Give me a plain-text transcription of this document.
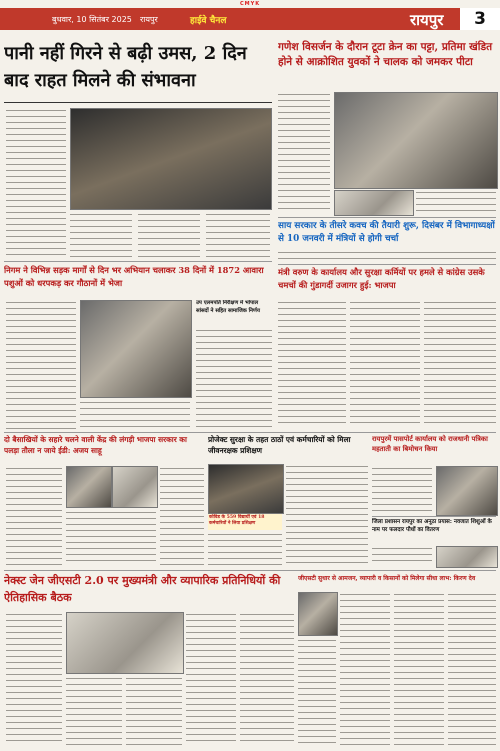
CMYK
बुधवार, 10 सितंबर 2025 रायपुर	हाईवे चैनल	रायपुर	3
पानी नहीं गिरने से बढ़ी उमस, 2 दिन बाद राहत मिलने की संभावना
गणेश विसर्जन के दौरान टूटा क्रेन का पट्टा, प्रतिमा खंडित होने से आक्रोशित युवकों ने चालक को जमकर पीटा
साय सरकार के तीसरे कवच की तैयारी शुरू, दिसंबर में विभागाध्यक्षों से 10 जनवरी में मंत्रियों से होगी चर्चा
निगम ने विभिन्न सड़क मार्गों से दिन भर अभियान चलाकर 38 दिनों में 1872 आवारा पशुओं को धरपकड़ कर गौठानों में भेजा
उप एलमपति निरीक्षण में भोपाल सांसदों ने सहित सामाजिक निर्णय
मंत्री वरुण के कार्यालय और सुरक्षा कर्मियों पर हमले से कांग्रेस उसके चमचों की गुंडागर्दी उजागर हुई: भाजपा
दो बैसाखियों के सहारे चलने वाली केंद्र की लंगड़ी भाजपा सरकार का पलड़ा तौला न जाये ईडी: अजय साहू
प्रोजेक्ट सुरक्षा के तहत ठाठों एवं कर्मचारियों को मिला जीवनरक्षक प्रशिक्षण
कोविड के 559 विद्यार्थी एवं 18 कर्मचारियों ने लिया प्रशिक्षण
रायपुरमें पासपोर्ट कार्यालय को राजधानी पत्रिका महताती का बिमोचन किया
जिला प्रशासन रायपुर का अनूठा प्रयास: नवजात शिशुओं के नाम पर फलदार पौधों का वितरण
नेक्स्ट जेन जीएसटी 2.0 पर मुख्यमंत्री और व्यापारिक प्रतिनिधियों की ऐतिहासिक बैठक
जीएसटी सुधार से आमजन, व्यापारी व किसानों को मिलेगा सीधा लाभ: किरण देव
